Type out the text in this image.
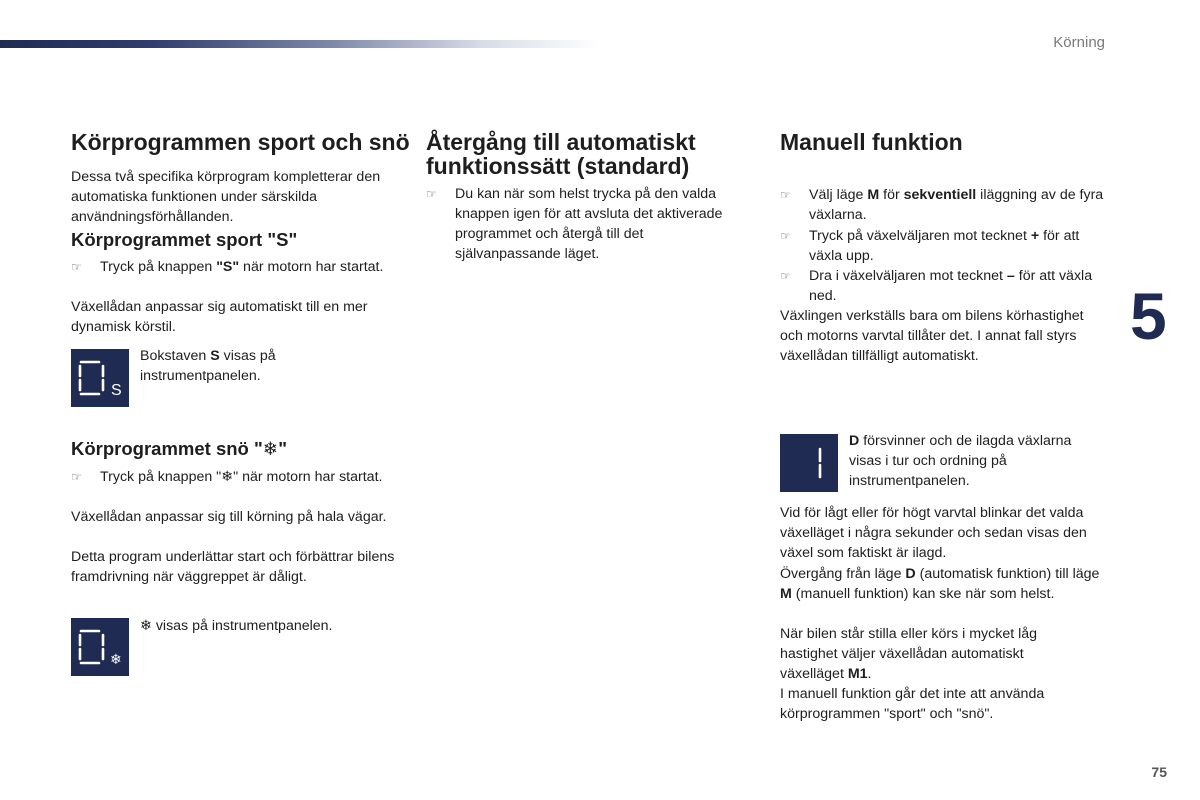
Körning
5
75
Körprogrammen sport och snö

Dessa två specifika körprogram kompletterar den automatiska funktionen under särskilda användningsförhållanden.

Körprogrammet sport "S"
☞ Tryck på knappen "S" när motorn har startat.

Växellådan anpassar sig automatiskt till en mer dynamisk körstil.

S

Bokstaven S visas på instrumentpanelen.

Körprogrammet snö "❄"
☞ Tryck på knappen "❄" när motorn har startat.

Växellådan anpassar sig till körning på hala vägar.

Detta program underlättar start och förbättrar bilens framdrivning när väggreppet är dåligt.

❄

❄ visas på instrumentpanelen.

Återgång till automatiskt funktionssätt (standard)
☞ Du kan när som helst trycka på den valda knappen igen för att avsluta det aktiverade programmet och återgå till det självanpassande läget.
Manuell funktion
☞ Välj läge M för sekventiell iläggning av de fyra växlarna.
☞ Tryck på växelväljaren mot tecknet + för att växla upp.
☞ Dra i växelväljaren mot tecknet – för att växla ned.

Växlingen verkställs bara om bilens körhastighet och motorns varvtal tillåter det. I annat fall styrs växellådan tillfälligt automatiskt.

D försvinner och de ilagda växlarna visas i tur och ordning på instrumentpanelen.

Vid för lågt eller för högt varvtal blinkar det valda växelläget i några sekunder och sedan visas den växel som faktiskt är ilagd.

Övergång från läge D (automatisk funktion) till läge M (manuell funktion) kan ske när som helst.

När bilen står stilla eller körs i mycket låg hastighet väljer växellådan automatiskt växelläget M1.

I manuell funktion går det inte att använda körprogrammen "sport" och "snö".
